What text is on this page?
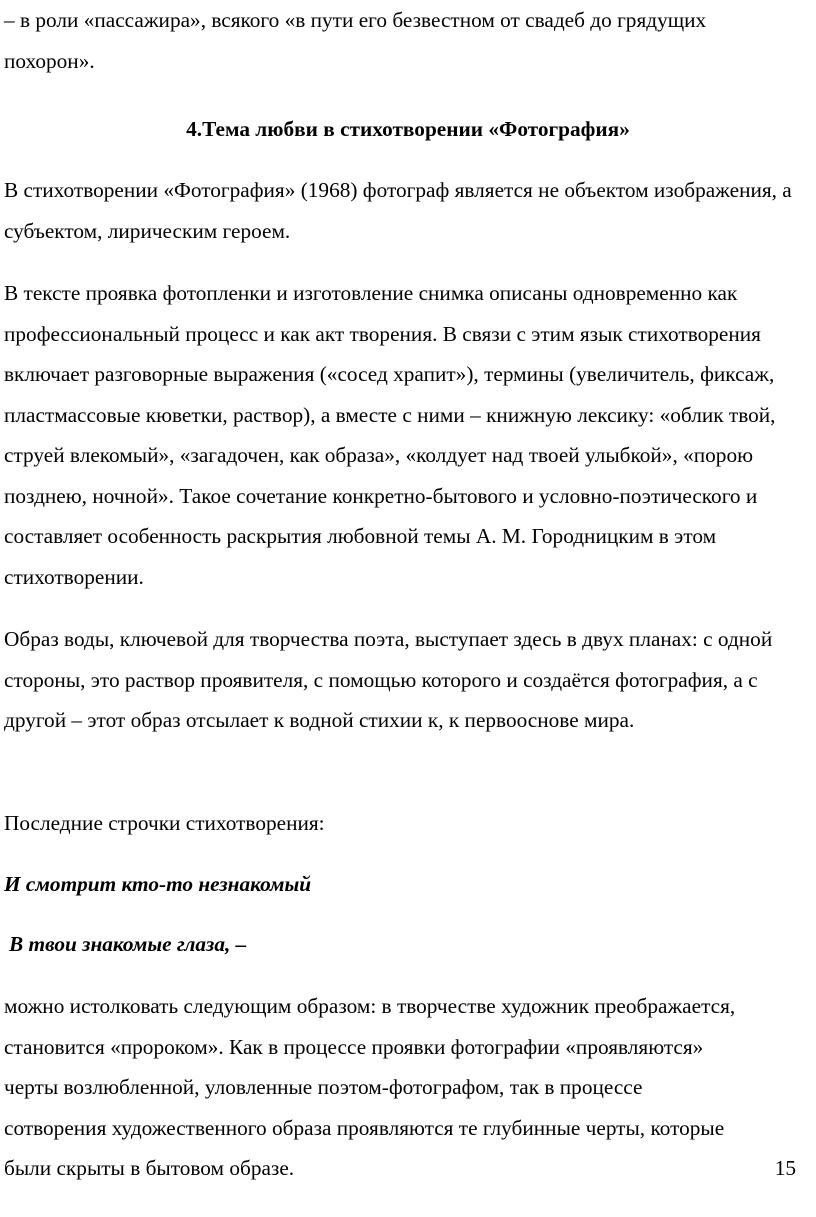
– в роли «пассажира», всякого «в пути его безвестном от свадеб до грядущих похорон».

4.Тема любви в стихотворении «Фотография»

В стихотворении «Фотография» (1968) фотограф является не объектом изображения, а субъектом, лирическим героем.

В тексте проявка фотопленки и изготовление снимка описаны одновременно как профессиональный процесс и как акт творения. В связи с этим язык стихотворения включает разговорные выражения («сосед храпит»), термины (увеличитель, фиксаж, пластмассовые кюветки, раствор), а вместе с ними – книжную лексику: «облик твой, струей влекомый», «загадочен, как образа», «колдует над твоей улыбкой», «порою позднею, ночной». Такое сочетание конкретно-бытового и условно-поэтического и составляет особенность раскрытия любовной темы А. М. Городницким в этом стихотворении.

Образ воды, ключевой для творчества поэта, выступает здесь в двух планах: с одной стороны, это раствор проявителя, с помощью которого и создаётся фотография, а с другой – этот образ отсылает к водной стихии к, к первооснове мира.

Последние строчки стихотворения:

И смотрит кто-то незнакомый

В твои знакомые глаза, –

можно истолковать следующим образом: в творчестве художник преображается, становится «пророком». Как в процессе проявки фотографии «проявляются» черты возлюбленной, уловленные поэтом-фотографом, так в процессе сотворения художественного образа проявляются те глубинные черты, которые были скрыты в бытовом образе.	15
